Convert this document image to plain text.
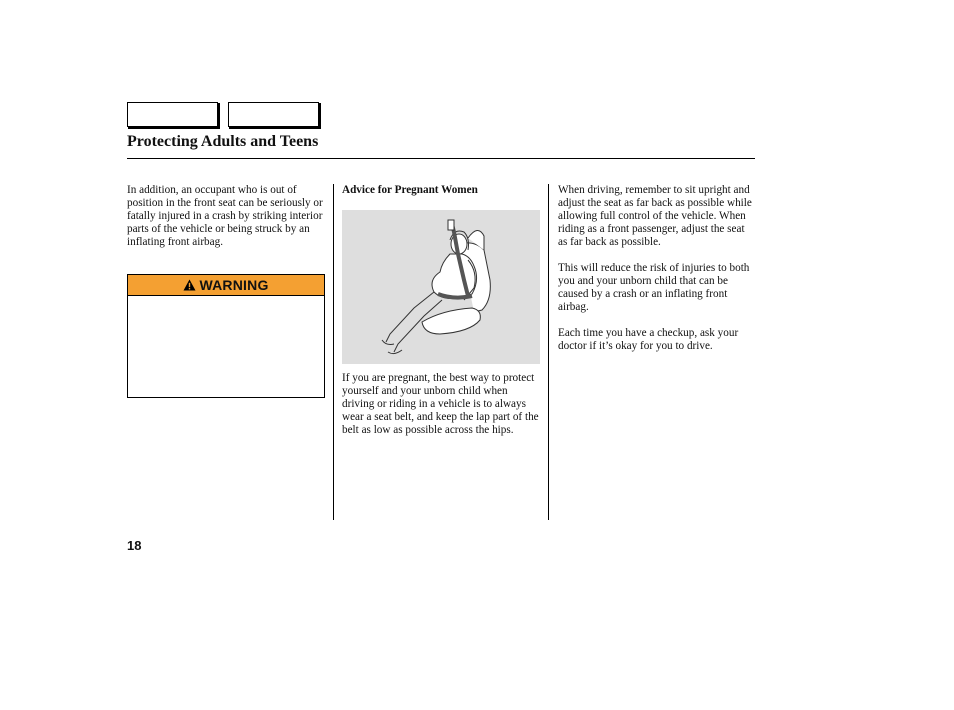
Protecting Adults and Teens

In addition, an occupant who is out of position in the front seat can be seriously or fatally injured in a crash by striking interior parts of the vehicle or being struck by an inflating front airbag.

WARNING

Advice for Pregnant Women

If you are pregnant, the best way to protect yourself and your unborn child when driving or riding in a vehicle is to always wear a seat belt, and keep the lap part of the belt as low as possible across the hips.

When driving, remember to sit upright and adjust the seat as far back as possible while allowing full control of the vehicle. When riding as a front passenger, adjust the seat as far back as possible.

This will reduce the risk of injuries to both you and your unborn child that can be caused by a crash or an inflating front airbag.

Each time you have a checkup, ask your doctor if it’s okay for you to drive.

18
